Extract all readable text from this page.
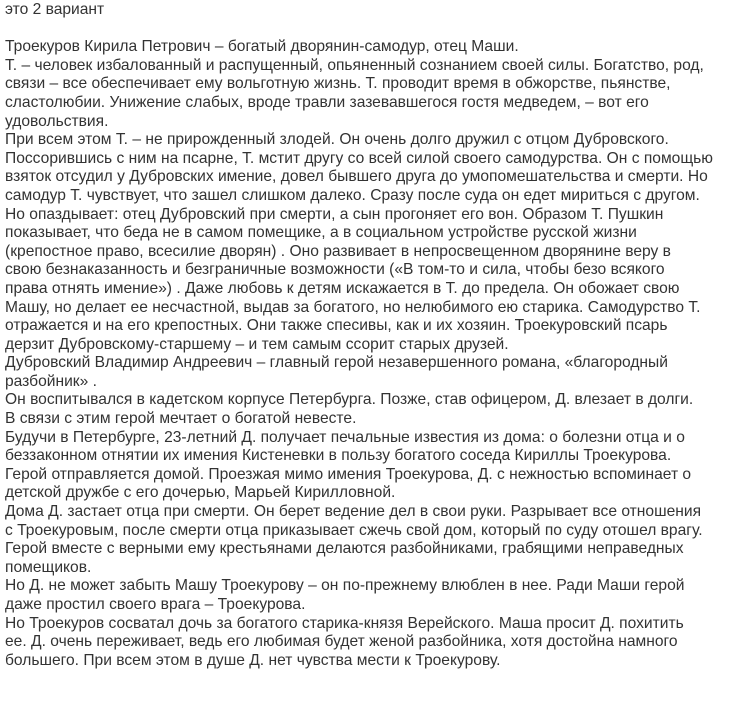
это 2 вариант
Троекуров Кирила Петрович – богатый дворянин-самодур, отец Маши.
Т. – человек избалованный и распущенный, опьяненный сознанием своей силы. Богатство, род,
связи – все обеспечивает ему вольготную жизнь. Т. проводит время в обжорстве, пьянстве,
сластолюбии. Унижение слабых, вроде травли зазевавшегося гостя медведем, – вот его
удовольствия.
При всем этом Т. – не прирожденный злодей. Он очень долго дружил с отцом Дубровского.
Поссорившись с ним на псарне, Т. мстит другу со всей силой своего самодурства. Он с помощью
взяток отсудил у Дубровских имение, довел бывшего друга до умопомешательства и смерти. Но
самодур Т. чувствует, что зашел слишком далеко. Сразу после суда он едет мириться с другом.
Но опаздывает: отец Дубровский при смерти, а сын прогоняет его вон. Образом Т. Пушкин
показывает, что беда не в самом помещике, а в социальном устройстве русской жизни
(крепостное право, всесилие дворян) . Оно развивает в непросвещенном дворянине веру в
свою безнаказанность и безграничные возможности («В том-то и сила, чтобы безо всякого
права отнять имение») . Даже любовь к детям искажается в Т. до предела. Он обожает свою
Машу, но делает ее несчастной, выдав за богатого, но нелюбимого ею старика. Самодурство Т.
отражается и на его крепостных. Они также спесивы, как и их хозяин. Троекуровский псарь
дерзит Дубровскому-старшему – и тем самым ссорит старых друзей.
Дубровский Владимир Андреевич – главный герой незавершенного романа, «благородный
разбойник» .
Он воспитывался в кадетском корпусе Петербурга. Позже, став офицером, Д. влезает в долги.
В связи с этим герой мечтает о богатой невесте.
Будучи в Петербурге, 23-летний Д. получает печальные известия из дома: о болезни отца и о
беззаконном отнятии их имения Кистеневки в пользу богатого соседа Кириллы Троекурова.
Герой отправляется домой. Проезжая мимо имения Троекурова, Д. с нежностью вспоминает о
детской дружбе с его дочерью, Марьей Кирилловной.
Дома Д. застает отца при смерти. Он берет ведение дел в свои руки. Разрывает все отношения
с Троекуровым, после смерти отца приказывает сжечь свой дом, который по суду отошел врагу.
Герой вместе с верными ему крестьянами делаются разбойниками, грабящими неправедных
помещиков.
Но Д. не может забыть Машу Троекурову – он по-прежнему влюблен в нее. Ради Маши герой
даже простил своего врага – Троекурова.
Но Троекуров сосватал дочь за богатого старика-князя Верейского. Маша просит Д. похитить
ее. Д. очень переживает, ведь его любимая будет женой разбойника, хотя достойна намного
большего. При всем этом в душе Д. нет чувства мести к Троекурову.
